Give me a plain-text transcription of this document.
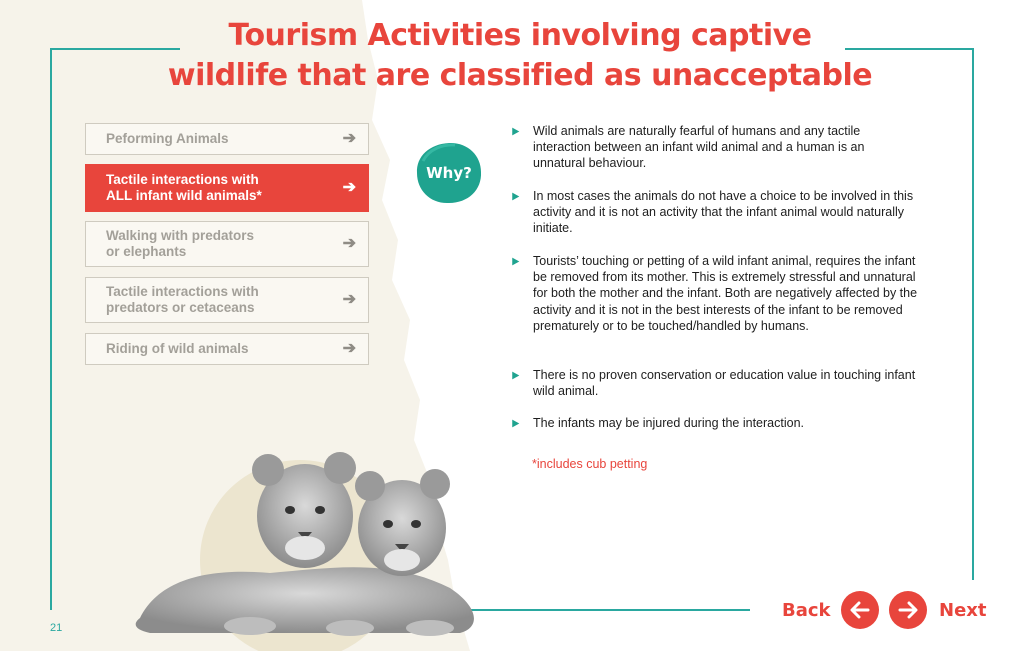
Tourism Activities involving captive
wildlife that are classified as unacceptable
Peforming Animals	➔
Tactile interactions with
ALL infant wild animals*	➔
Walking with predators
or elephants	➔
Tactile interactions with
predators or cetaceans	➔
Riding of wild animals	➔
Why?
Wild animals are naturally fearful of humans and any tactile interaction between an infant wild animal and a human is an unnatural behaviour.
In most cases the animals do not have a choice to be involved in this activity and it is not an activity that the infant animal would naturally initiate.
Tourists’ touching or petting of a wild infant animal, requires the infant be removed from its mother. This is extremely stressful and unnatural for both the mother and the infant. Both are negatively affected by the activity and it is not in the best interests of the infant to be removed prematurely or to be touched/handled by humans.
There is no proven conservation or education value in touching infant wild animal.
The infants may be injured during the interaction.
*includes cub petting
21
Back	Next
